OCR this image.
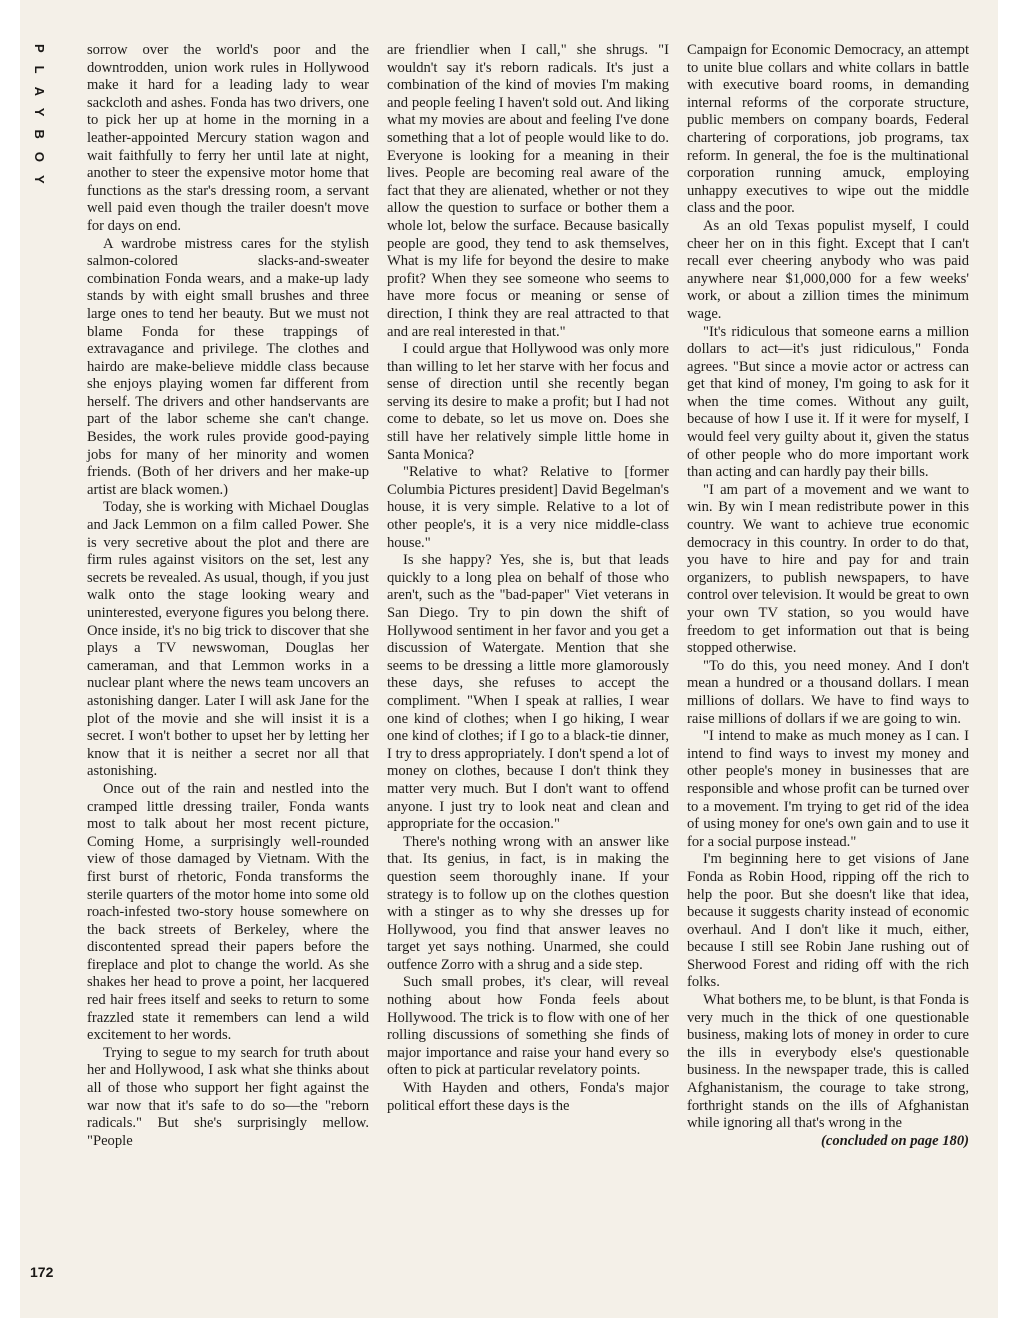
PLAYBOY
172

sorrow over the world's poor and the downtrodden, union work rules in Hollywood make it hard for a leading lady to wear sackcloth and ashes. Fonda has two drivers, one to pick her up at home in the morning in a leather-appointed Mercury station wagon and wait faithfully to ferry her until late at night, another to steer the expensive motor home that functions as the star's dressing room, a servant well paid even though the trailer doesn't move for days on end.

A wardrobe mistress cares for the stylish salmon-colored slacks-and-sweater combination Fonda wears, and a make-up lady stands by with eight small brushes and three large ones to tend her beauty. But we must not blame Fonda for these trappings of extravagance and privilege. The clothes and hairdo are make-believe middle class because she enjoys playing women far different from herself. The drivers and other handservants are part of the labor scheme she can't change. Besides, the work rules provide good-paying jobs for many of her minority and women friends. (Both of her drivers and her make-up artist are black women.)

Today, she is working with Michael Douglas and Jack Lemmon on a film called Power. She is very secretive about the plot and there are firm rules against visitors on the set, lest any secrets be revealed. As usual, though, if you just walk onto the stage looking weary and uninterested, everyone figures you belong there. Once inside, it's no big trick to discover that she plays a TV newswoman, Douglas her cameraman, and that Lemmon works in a nuclear plant where the news team uncovers an astonishing danger. Later I will ask Jane for the plot of the movie and she will insist it is a secret. I won't bother to upset her by letting her know that it is neither a secret nor all that astonishing.

Once out of the rain and nestled into the cramped little dressing trailer, Fonda wants most to talk about her most recent picture, Coming Home, a surprisingly well-rounded view of those damaged by Vietnam. With the first burst of rhetoric, Fonda transforms the sterile quarters of the motor home into some old roach-infested two-story house somewhere on the back streets of Berkeley, where the discontented spread their papers before the fireplace and plot to change the world. As she shakes her head to prove a point, her lacquered red hair frees itself and seeks to return to some frazzled state it remembers can lend a wild excitement to her words.

Trying to segue to my search for truth about her and Hollywood, I ask what she thinks about all of those who support her fight against the war now that it's safe to do so—the "reborn radicals." But she's surprisingly mellow. "People

are friendlier when I call," she shrugs. "I wouldn't say it's reborn radicals. It's just a combination of the kind of movies I'm making and people feeling I haven't sold out. And liking what my movies are about and feeling I've done something that a lot of people would like to do. Everyone is looking for a meaning in their lives. People are becoming real aware of the fact that they are alienated, whether or not they allow the question to surface or bother them a whole lot, below the surface. Because basically people are good, they tend to ask themselves, What is my life for beyond the desire to make profit? When they see someone who seems to have more focus or meaning or sense of direction, I think they are real attracted to that and are real interested in that."

I could argue that Hollywood was only more than willing to let her starve with her focus and sense of direction until she recently began serving its desire to make a profit; but I had not come to debate, so let us move on. Does she still have her relatively simple little home in Santa Monica?

"Relative to what? Relative to [former Columbia Pictures president] David Begelman's house, it is very simple. Relative to a lot of other people's, it is a very nice middle-class house."

Is she happy? Yes, she is, but that leads quickly to a long plea on behalf of those who aren't, such as the "bad-paper" Viet veterans in San Diego. Try to pin down the shift of Hollywood sentiment in her favor and you get a discussion of Watergate. Mention that she seems to be dressing a little more glamorously these days, she refuses to accept the compliment. "When I speak at rallies, I wear one kind of clothes; when I go hiking, I wear one kind of clothes; if I go to a black-tie dinner, I try to dress appropriately. I don't spend a lot of money on clothes, because I don't think they matter very much. But I don't want to offend anyone. I just try to look neat and clean and appropriate for the occasion."

There's nothing wrong with an answer like that. Its genius, in fact, is in making the question seem thoroughly inane. If your strategy is to follow up on the clothes question with a stinger as to why she dresses up for Hollywood, you find that answer leaves no target yet says nothing. Unarmed, she could outfence Zorro with a shrug and a side step.

Such small probes, it's clear, will reveal nothing about how Fonda feels about Hollywood. The trick is to flow with one of her rolling discussions of something she finds of major importance and raise your hand every so often to pick at particular revelatory points.

With Hayden and others, Fonda's major political effort these days is the

Campaign for Economic Democracy, an attempt to unite blue collars and white collars in battle with executive board rooms, in demanding internal reforms of the corporate structure, public members on company boards, Federal chartering of corporations, job programs, tax reform. In general, the foe is the multinational corporation running amuck, employing unhappy executives to wipe out the middle class and the poor.

As an old Texas populist myself, I could cheer her on in this fight. Except that I can't recall ever cheering anybody who was paid anywhere near $1,000,000 for a few weeks' work, or about a zillion times the minimum wage.

"It's ridiculous that someone earns a million dollars to act—it's just ridiculous," Fonda agrees. "But since a movie actor or actress can get that kind of money, I'm going to ask for it when the time comes. Without any guilt, because of how I use it. If it were for myself, I would feel very guilty about it, given the status of other people who do more important work than acting and can hardly pay their bills.

"I am part of a movement and we want to win. By win I mean redistribute power in this country. We want to achieve true economic democracy in this country. In order to do that, you have to hire and pay for and train organizers, to publish newspapers, to have control over television. It would be great to own your own TV station, so you would have freedom to get information out that is being stopped otherwise.

"To do this, you need money. And I don't mean a hundred or a thousand dollars. I mean millions of dollars. We have to find ways to raise millions of dollars if we are going to win.

"I intend to make as much money as I can. I intend to find ways to invest my money and other people's money in businesses that are responsible and whose profit can be turned over to a movement. I'm trying to get rid of the idea of using money for one's own gain and to use it for a social purpose instead."

I'm beginning here to get visions of Jane Fonda as Robin Hood, ripping off the rich to help the poor. But she doesn't like that idea, because it suggests charity instead of economic overhaul. And I don't like it much, either, because I still see Robin Jane rushing out of Sherwood Forest and riding off with the rich folks.

What bothers me, to be blunt, is that Fonda is very much in the thick of one questionable business, making lots of money in order to cure the ills in everybody else's questionable business. In the newspaper trade, this is called Afghanistanism, the courage to take strong, forthright stands on the ills of Afghanistan while ignoring all that's wrong in the

(concluded on page 180)
